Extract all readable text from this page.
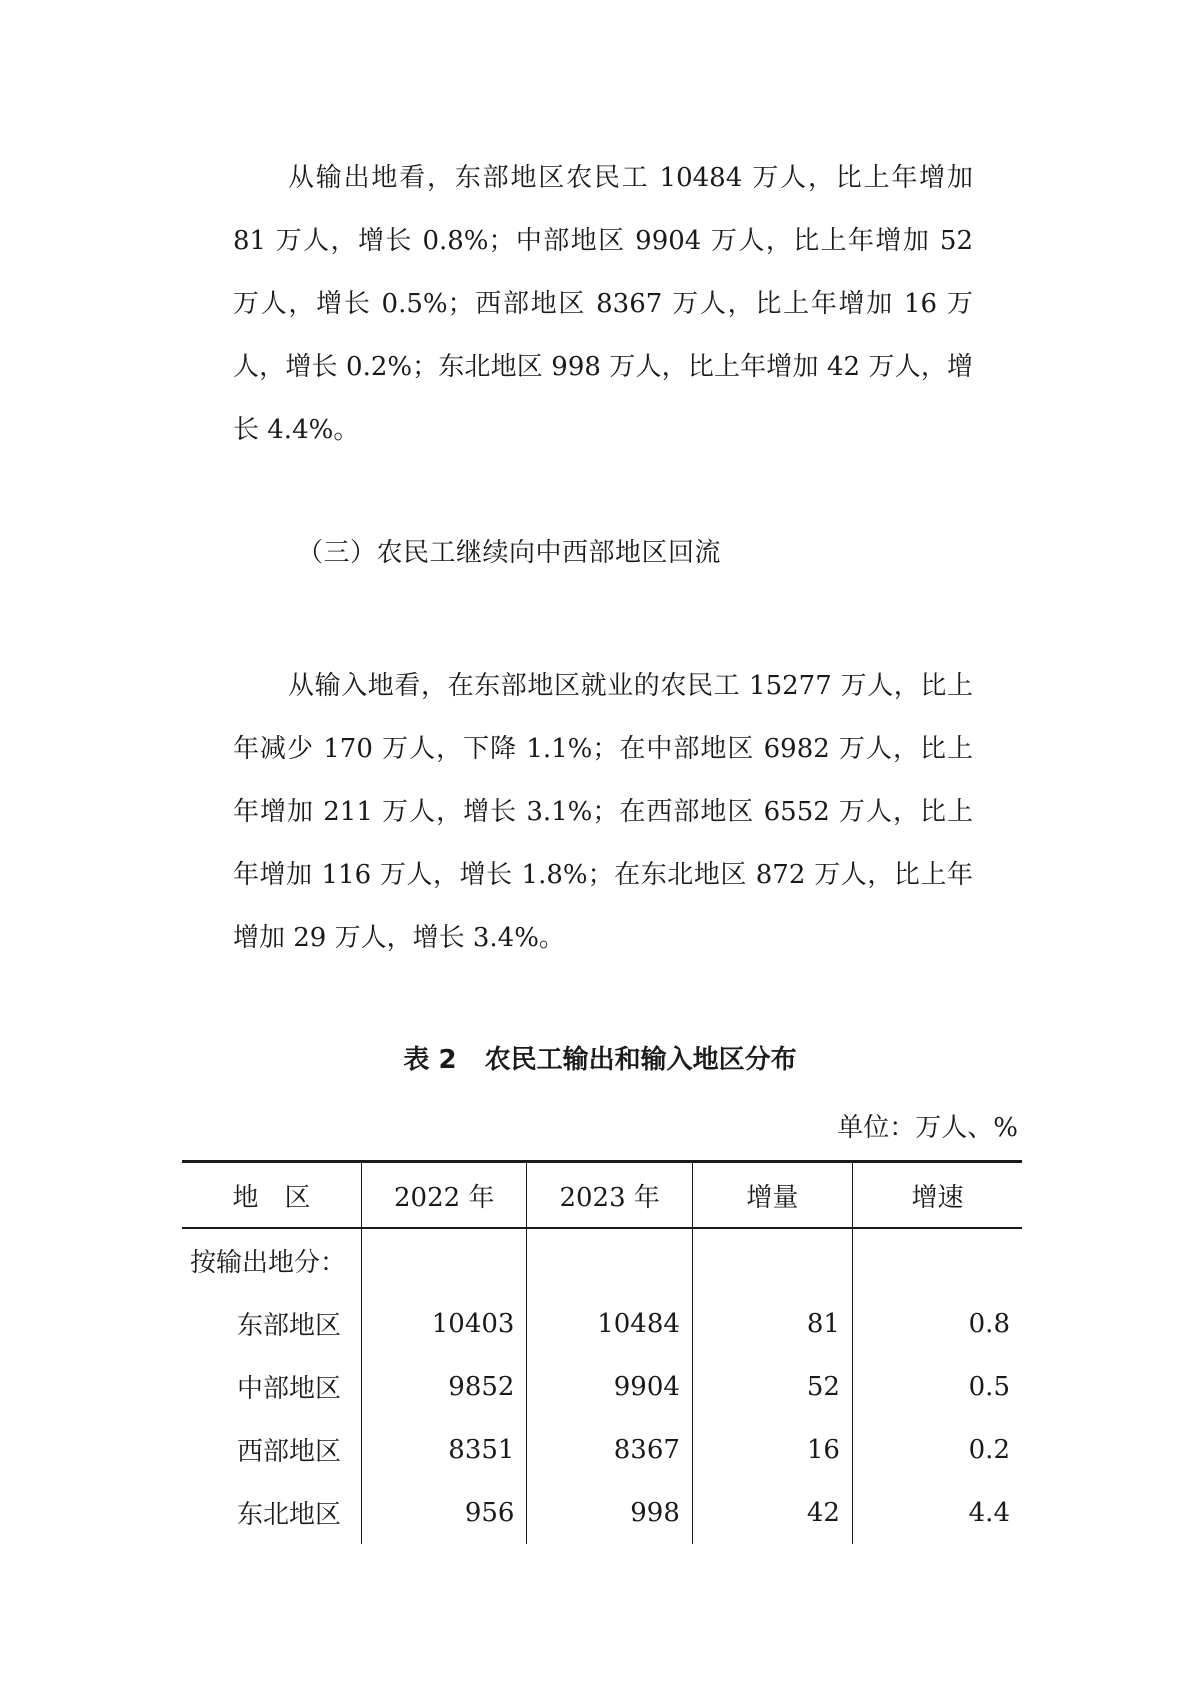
从输出地看，东部地区农民工 10484 万人，比上年增加 81 万人，增长 0.8%；中部地区 9904 万人，比上年增加 52 万人，增长 0.5%；西部地区 8367 万人，比上年增加 16 万人，增长 0.2%；东北地区 998 万人，比上年增加 42 万人，增长 4.4%。

（三）农民工继续向中西部地区回流

从输入地看，在东部地区就业的农民工 15277 万人，比上年减少 170 万人，下降 1.1%；在中部地区 6982 万人，比上年增加 211 万人，增长 3.1%；在西部地区 6552 万人，比上年增加 116 万人，增长 1.8%；在东北地区 872 万人，比上年增加 29 万人，增长 3.4%。

表 2 农民工输出和输入地区分布

单位：万人、%

地区	2022 年	2023 年	增量	增速
按输出地分：				
东部地区	10403	10484	81	0.8
中部地区	9852	9904	52	0.5
西部地区	8351	8367	16	0.2
东北地区	956	998	42	4.4
